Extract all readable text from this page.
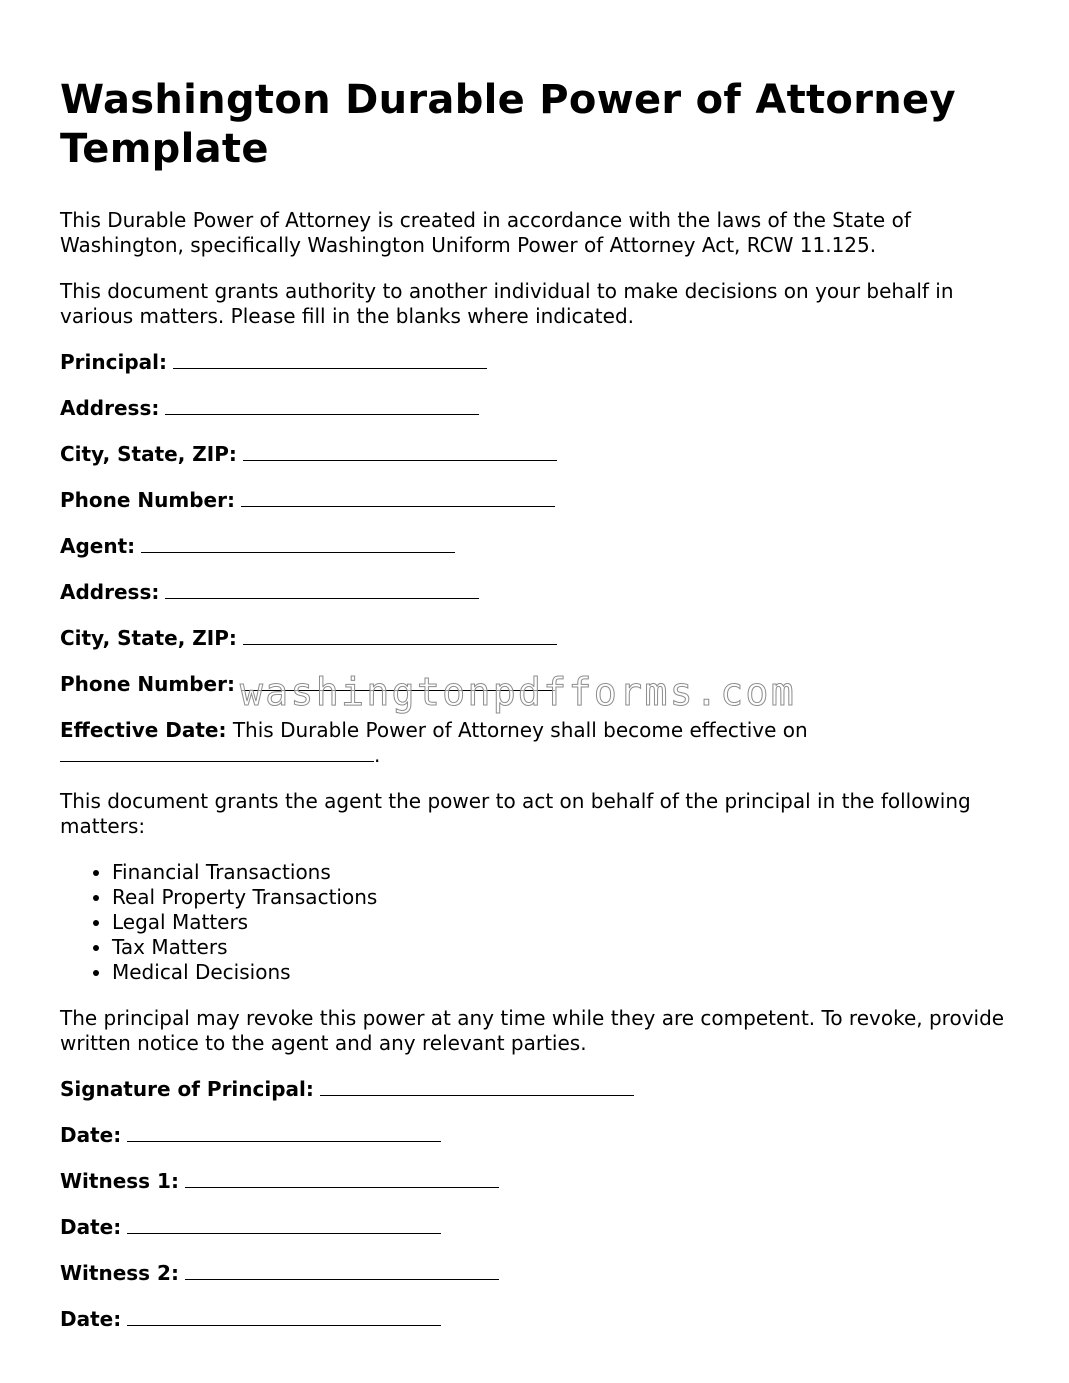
Washington Durable Power of Attorney Template

This Durable Power of Attorney is created in accordance with the laws of the State of Washington, specifically Washington Uniform Power of Attorney Act, RCW 11.125.

This document grants authority to another individual to make decisions on your behalf in various matters. Please fill in the blanks where indicated.

Principal:
Address:
City, State, ZIP:
Phone Number:
Agent:
Address:
City, State, ZIP:
Phone Number:
Effective Date: This Durable Power of Attorney shall become effective on
.

This document grants the agent the power to act on behalf of the principal in the following matters:

• Financial Transactions
• Real Property Transactions
• Legal Matters
• Tax Matters
• Medical Decisions

The principal may revoke this power at any time while they are competent. To revoke, provide written notice to the agent and any relevant parties.

Signature of Principal:
Date:
Witness 1:
Date:
Witness 2:
Date:
washingtonpdfforms.com
